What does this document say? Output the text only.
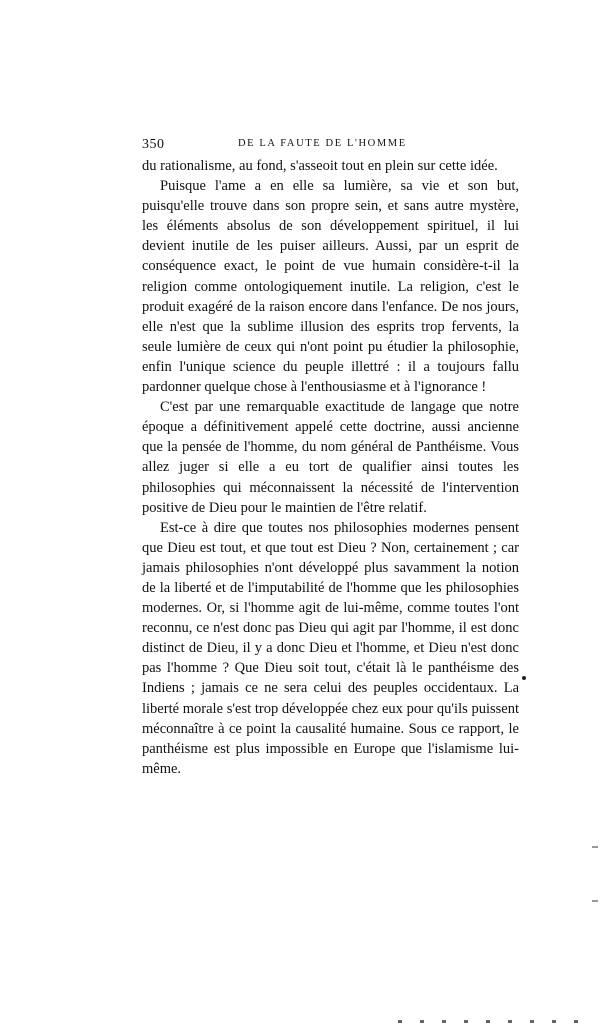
350	DE LA FAUTE DE L'HOMME

du rationalisme, au fond, s'asseoit tout en plein sur cette idée.

Puisque l'ame a en elle sa lumière, sa vie et son but, puisqu'elle trouve dans son propre sein, et sans autre mystère, les éléments absolus de son développement spirituel, il lui devient inutile de les puiser ailleurs. Aussi, par un esprit de conséquence exact, le point de vue humain considère-t-il la religion comme ontologiquement inutile. La religion, c'est le produit exagéré de la raison encore dans l'enfance. De nos jours, elle n'est que la sublime illusion des esprits trop fervents, la seule lumière de ceux qui n'ont point pu étudier la philosophie, enfin l'unique science du peuple illettré : il a toujours fallu pardonner quelque chose à l'enthousiasme et à l'ignorance !

C'est par une remarquable exactitude de langage que notre époque a définitivement appelé cette doctrine, aussi ancienne que la pensée de l'homme, du nom général de Panthéisme. Vous allez juger si elle a eu tort de qualifier ainsi toutes les philosophies qui méconnaissent la nécessité de l'intervention positive de Dieu pour le maintien de l'être relatif.

Est-ce à dire que toutes nos philosophies modernes pensent que Dieu est tout, et que tout est Dieu ? Non, certainement ; car jamais philosophies n'ont développé plus savamment la notion de la liberté et de l'imputabilité de l'homme que les philosophies modernes. Or, si l'homme agit de lui-même, comme toutes l'ont reconnu, ce n'est donc pas Dieu qui agit par l'homme, il est donc distinct de Dieu, il y a donc Dieu et l'homme, et Dieu n'est donc pas l'homme ? Que Dieu soit tout, c'était là le panthéisme des Indiens ; jamais ce ne sera celui des peuples occidentaux. La liberté morale s'est trop développée chez eux pour qu'ils puissent méconnaître à ce point la causalité humaine. Sous ce rapport, le panthéisme est plus impossible en Europe que l'islamisme lui-même.
